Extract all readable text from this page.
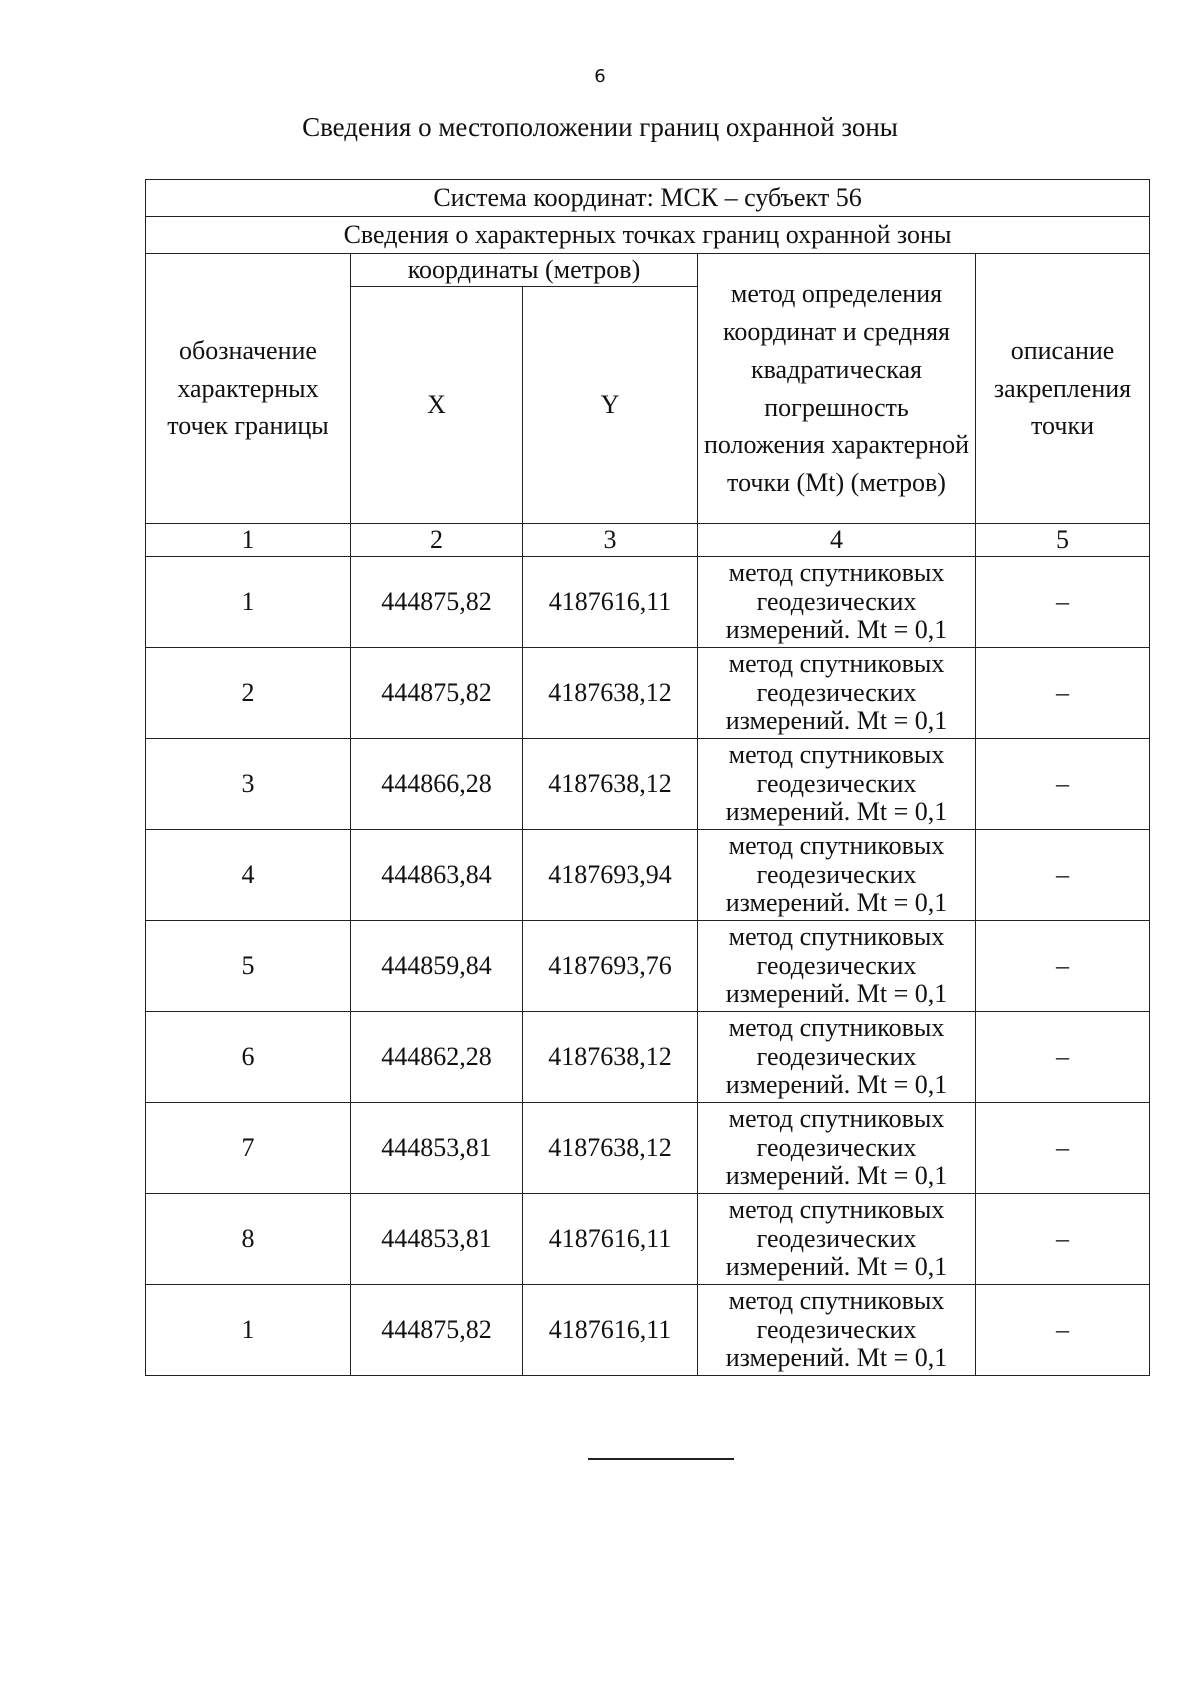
6
Сведения о местоположении границ охранной зоны
Система координат: МСК – субъект 56				
Сведения о характерных точках границ охранной зоны				
обозначение характерных точек границы	координаты (метров)		метод определения координат и средняя квадратическая погрешность положения характерной точки (Mt) (метров)	описание закрепления точки
	X	Y		
1	2	3	4	5
1	444875,82	4187616,11	метод спутниковых геодезических измерений. Mt = 0,1	–
2	444875,82	4187638,12	метод спутниковых геодезических измерений. Mt = 0,1	–
3	444866,28	4187638,12	метод спутниковых геодезических измерений. Mt = 0,1	–
4	444863,84	4187693,94	метод спутниковых геодезических измерений. Mt = 0,1	–
5	444859,84	4187693,76	метод спутниковых геодезических измерений. Mt = 0,1	–
6	444862,28	4187638,12	метод спутниковых геодезических измерений. Mt = 0,1	–
7	444853,81	4187638,12	метод спутниковых геодезических измерений. Mt = 0,1	–
8	444853,81	4187616,11	метод спутниковых геодезических измерений. Mt = 0,1	–
1	444875,82	4187616,11	метод спутниковых геодезических измерений. Mt = 0,1	–
